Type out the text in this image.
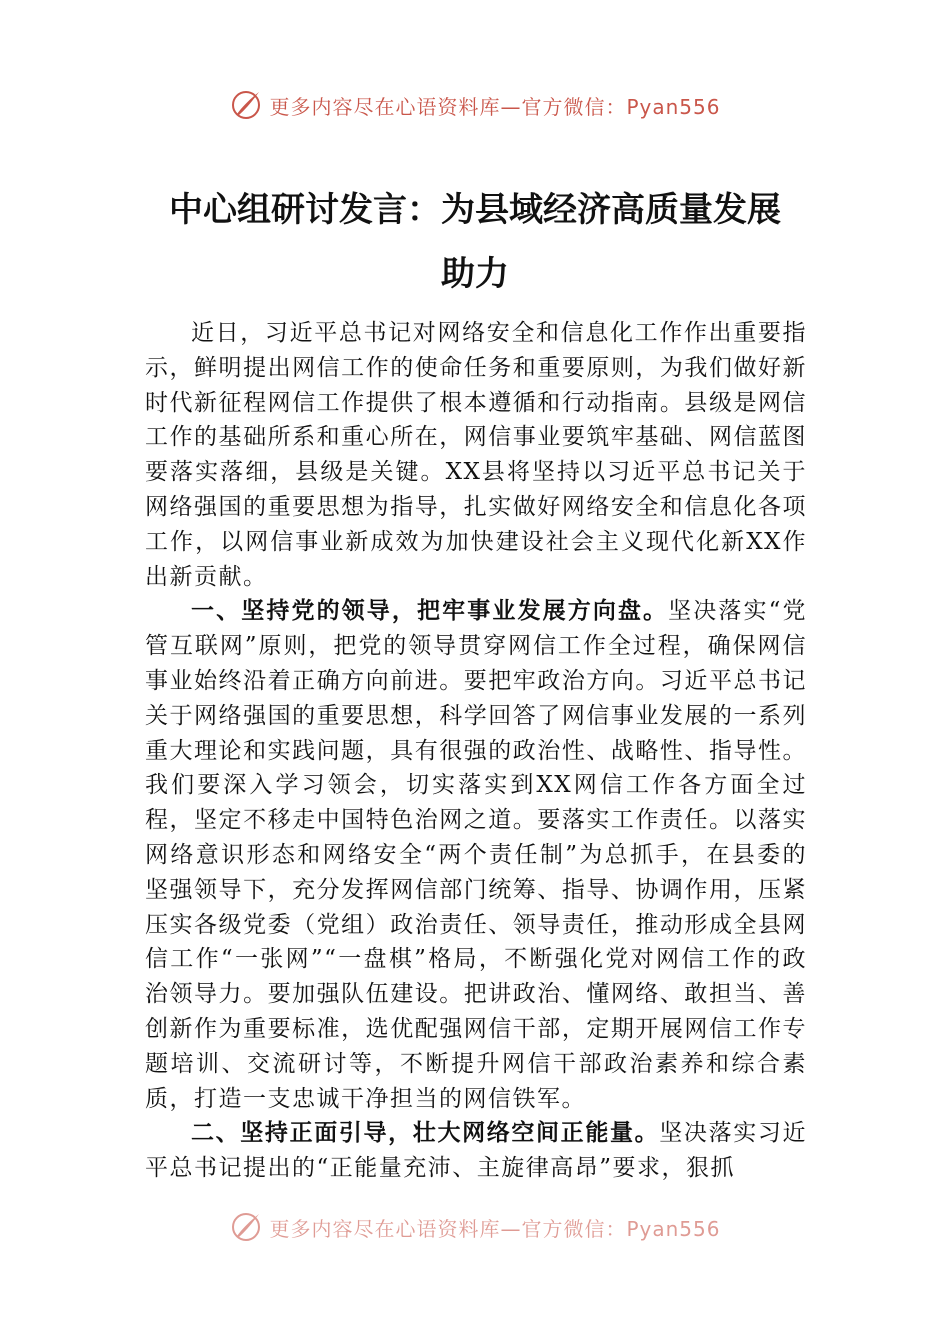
更多内容尽在心语资料库—官方微信：Pyan556
中心组研讨发言：为县域经济高质量发展
助力

近日，习近平总书记对网络安全和信息化工作作出重要指示，鲜明提出网信工作的使命任务和重要原则，为我们做好新时代新征程网信工作提供了根本遵循和行动指南。县级是网信工作的基础所系和重心所在，网信事业要筑牢基础、网信蓝图要落实落细，县级是关键。XX县将坚持以习近平总书记关于网络强国的重要思想为指导，扎实做好网络安全和信息化各项工作，以网信事业新成效为加快建设社会主义现代化新XX作出新贡献。

一、坚持党的领导，把牢事业发展方向盘。坚决落实“党管互联网”原则，把党的领导贯穿网信工作全过程，确保网信事业始终沿着正确方向前进。要把牢政治方向。习近平总书记关于网络强国的重要思想，科学回答了网信事业发展的一系列重大理论和实践问题，具有很强的政治性、战略性、指导性。我们要深入学习领会，切实落实到XX网信工作各方面全过程，坚定不移走中国特色治网之道。要落实工作责任。以落实网络意识形态和网络安全“两个责任制”为总抓手，在县委的坚强领导下，充分发挥网信部门统筹、指导、协调作用，压紧压实各级党委（党组）政治责任、领导责任，推动形成全县网信工作“一张网”“一盘棋”格局，不断强化党对网信工作的政治领导力。要加强队伍建设。把讲政治、懂网络、敢担当、善创新作为重要标准，选优配强网信干部，定期开展网信工作专题培训、交流研讨等，不断提升网信干部政治素养和综合素质，打造一支忠诚干净担当的网信铁军。

二、坚持正面引导，壮大网络空间正能量。坚决落实习近平总书记提出的“正能量充沛、主旋律高昂”要求，狠抓

更多内容尽在心语资料库—官方微信：Pyan556
